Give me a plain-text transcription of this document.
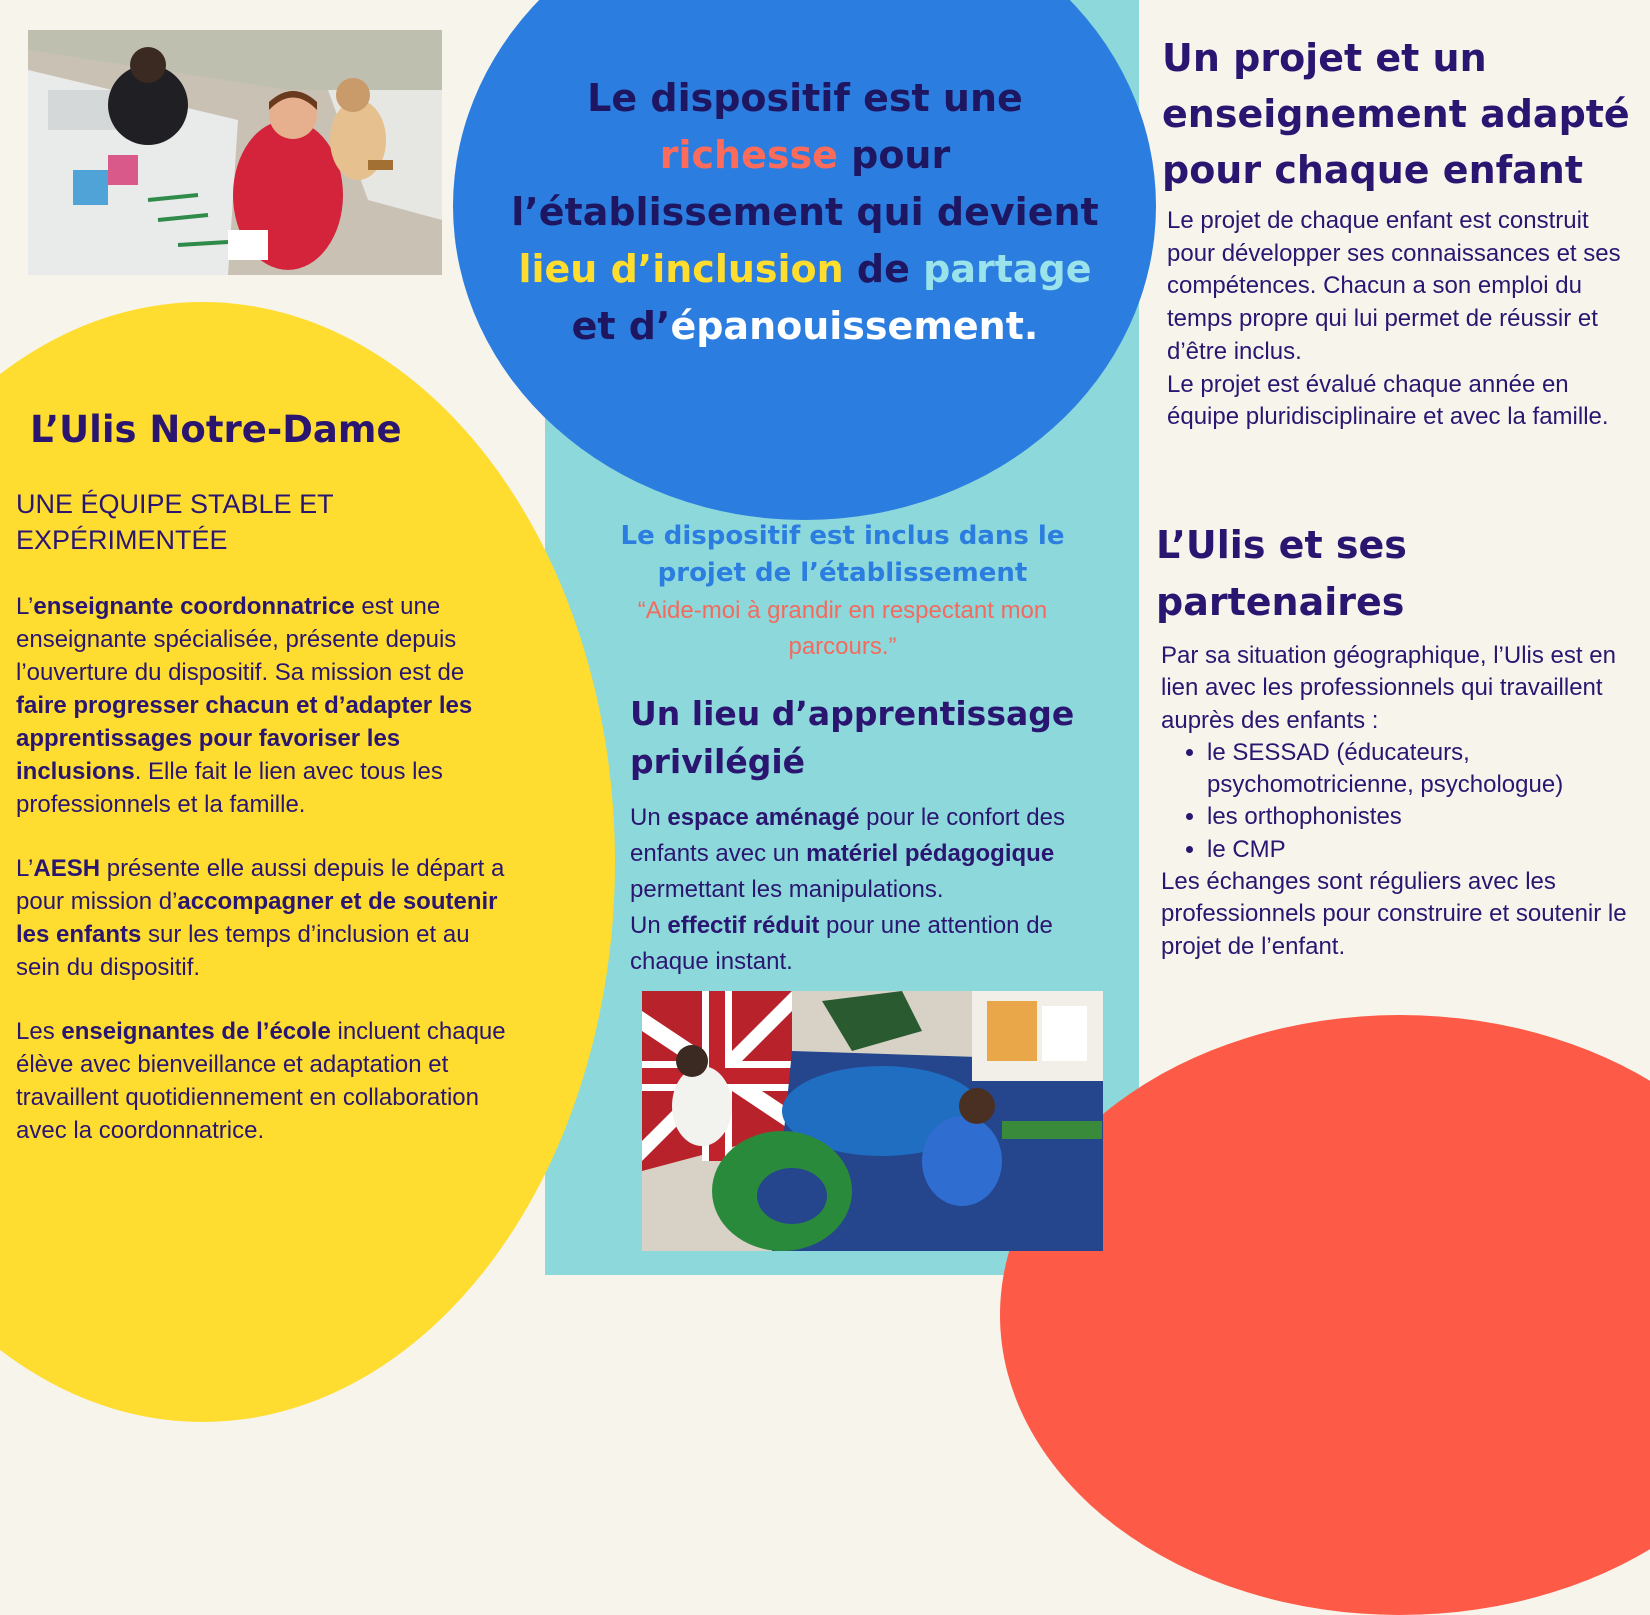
Le dispositif est une
richesse pour
l’établissement qui devient
lieu d’inclusion de partage
et d’épanouissement.
L’Ulis Notre-Dame
UNE ÉQUIPE STABLE ET
EXPÉRIMENTÉE
L’enseignante coordonnatrice est une enseignante spécialisée, présente depuis l’ouverture du dispositif. Sa mission est de faire progresser chacun et d’adapter les apprentissages pour favoriser les inclusions. Elle fait le lien avec tous les professionnels et la famille.
L’AESH présente elle aussi depuis le départ a pour mission d’accompagner et de soutenir les enfants sur les temps d’inclusion et au sein du dispositif.
Les enseignantes de l’école incluent chaque élève avec bienveillance et adaptation et travaillent quotidiennement en collaboration avec la coordonnatrice.
Le dispositif est inclus dans le
projet de l’établissement
“Aide-moi à grandir en respectant mon
parcours.”
Un lieu d’apprentissage
privilégié
Un espace aménagé pour le confort des enfants avec un matériel pédagogique permettant les manipulations.
Un effectif réduit pour une attention de chaque instant.
Un projet et un
enseignement adapté
pour chaque enfant
Le projet de chaque enfant est construit pour développer ses connaissances et ses compétences. Chacun a son emploi du temps propre qui lui permet de réussir et d’être inclus.
Le projet est évalué chaque année en équipe pluridisciplinaire et avec la famille.
L’Ulis et ses
partenaires
Par sa situation géographique, l’Ulis est en lien avec les professionnels qui travaillent auprès des enfants :
• le SESSAD (éducateurs, psychomotricienne, psychologue)
• les orthophonistes
• le CMP
Les échanges sont réguliers avec les professionnels pour construire et soutenir le projet de l’enfant.
